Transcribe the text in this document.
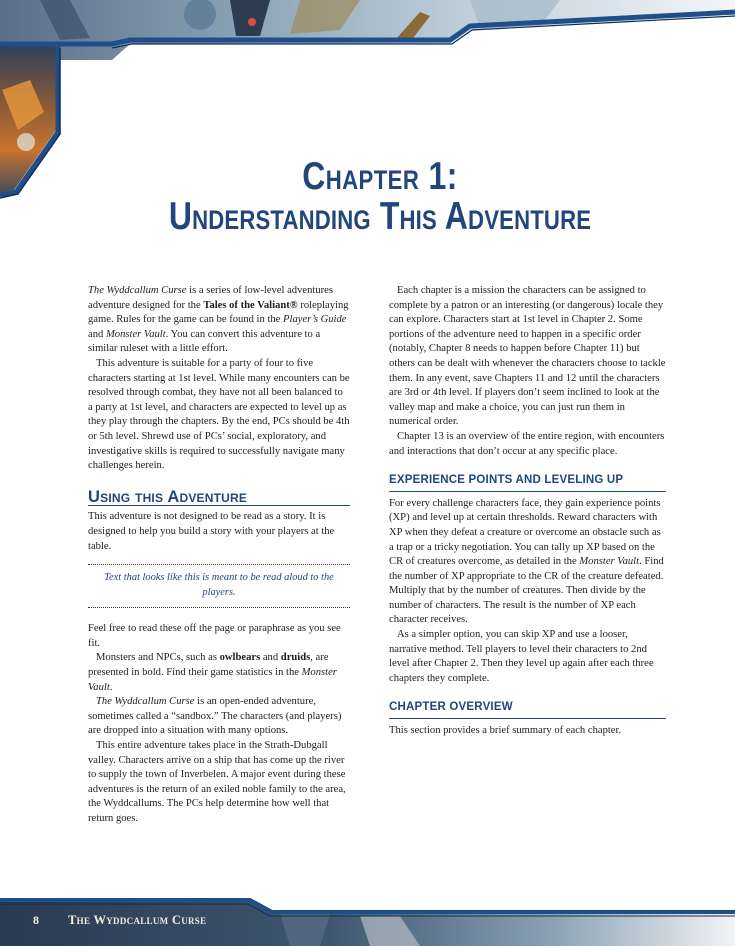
Chapter 1:
Understanding This Adventure

The Wyddcallum Curse is a series of low-level adventures adventure designed for the Tales of the Valiant® roleplaying game. Rules for the game can be found in the Player’s Guide and Monster Vault. You can convert this adventure to a similar ruleset with a little effort.

This adventure is suitable for a party of four to five characters starting at 1st level. While many encounters can be resolved through combat, they have not all been balanced to a party at 1st level, and characters are expected to level up as they play through the chapters. By the end, PCs should be 4th or 5th level. Shrewd use of PCs’ social, exploratory, and investigative skills is required to successfully navigate many challenges herein.

Using this Adventure

This adventure is not designed to be read as a story. It is designed to help you build a story with your players at the table.

Text that looks like this is meant to be read aloud to the players.

Feel free to read these off the page or paraphrase as you see fit.

Monsters and NPCs, such as owlbears and druids, are presented in bold. Find their game statistics in the Monster Vault.

The Wyddcallum Curse is an open-ended adventure, sometimes called a “sandbox.” The characters (and players) are dropped into a situation with many options.

This entire adventure takes place in the Strath-Dubgall valley. Characters arrive on a ship that has come up the river to supply the town of Inverbelen. A major event during these adventures is the return of an exiled noble family to the area, the Wyddcallums. The PCs help determine how well that return goes.

Each chapter is a mission the characters can be assigned to complete by a patron or an interesting (or dangerous) locale they can explore. Characters start at 1st level in Chapter 2. Some portions of the adventure need to happen in a specific order (notably, Chapter 8 needs to happen before Chapter 11) but others can be dealt with whenever the characters choose to tackle them. In any event, save Chapters 11 and 12 until the characters are 3rd or 4th level. If players don’t seem inclined to look at the valley map and make a choice, you can just run them in numerical order.

Chapter 13 is an overview of the entire region, with encounters and interactions that don’t occur at any specific place.

EXPERIENCE POINTS AND LEVELING UP

For every challenge characters face, they gain experience points (XP) and level up at certain thresholds. Reward characters with XP when they defeat a creature or overcome an obstacle such as a trap or a tricky negotiation. You can tally up XP based on the CR of creatures overcome, as detailed in the Monster Vault. Find the number of XP appropriate to the CR of the creature defeated. Multiply that by the number of creatures. Then divide by the number of characters. The result is the number of XP each character receives.

As a simpler option, you can skip XP and use a looser, narrative method. Tell players to level their characters to 2nd level after Chapter 2. Then they level up again after each three chapters they complete.

CHAPTER OVERVIEW

This section provides a brief summary of each chapter.

8 The Wyddcallum Curse
